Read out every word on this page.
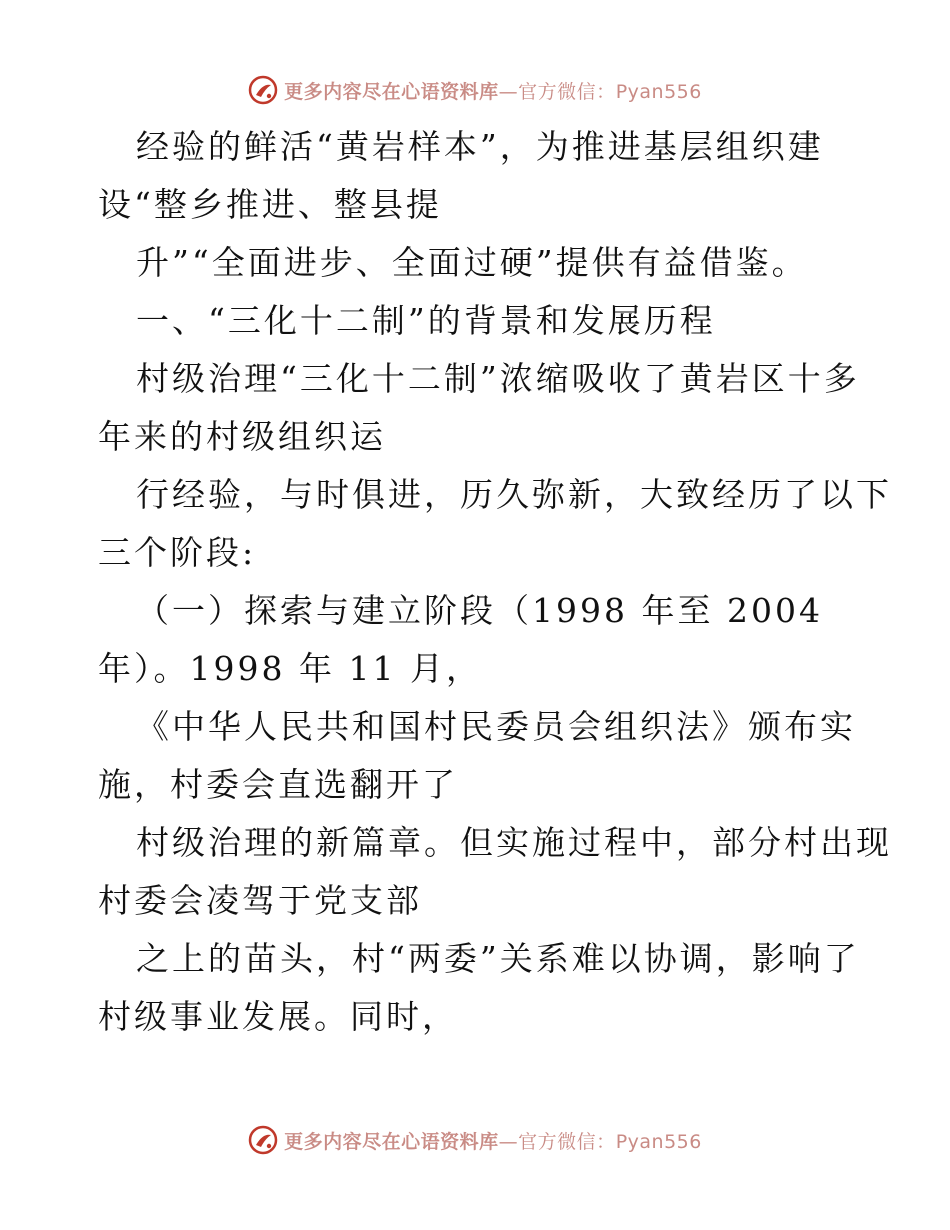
更多内容尽在心语资料库—官方微信：Pyan556
经验的鲜活“黄岩样本”，为推进基层组织建
设“整乡推进、整县提
升”“全面进步、全面过硬”提供有益借鉴。
一、“三化十二制”的背景和发展历程
村级治理“三化十二制”浓缩吸收了黄岩区十多
年来的村级组织运
行经验，与时俱进，历久弥新，大致经历了以下
三个阶段:
（一）探索与建立阶段（1998 年至 2004
年）。1998 年 11 月，
《中华人民共和国村民委员会组织法》颁布实
施，村委会直选翻开了
村级治理的新篇章。但实施过程中，部分村出现
村委会凌驾于党支部
之上的苗头，村“两委”关系难以协调，影响了
村级事业发展。同时，
更多内容尽在心语资料库—官方微信：Pyan556
